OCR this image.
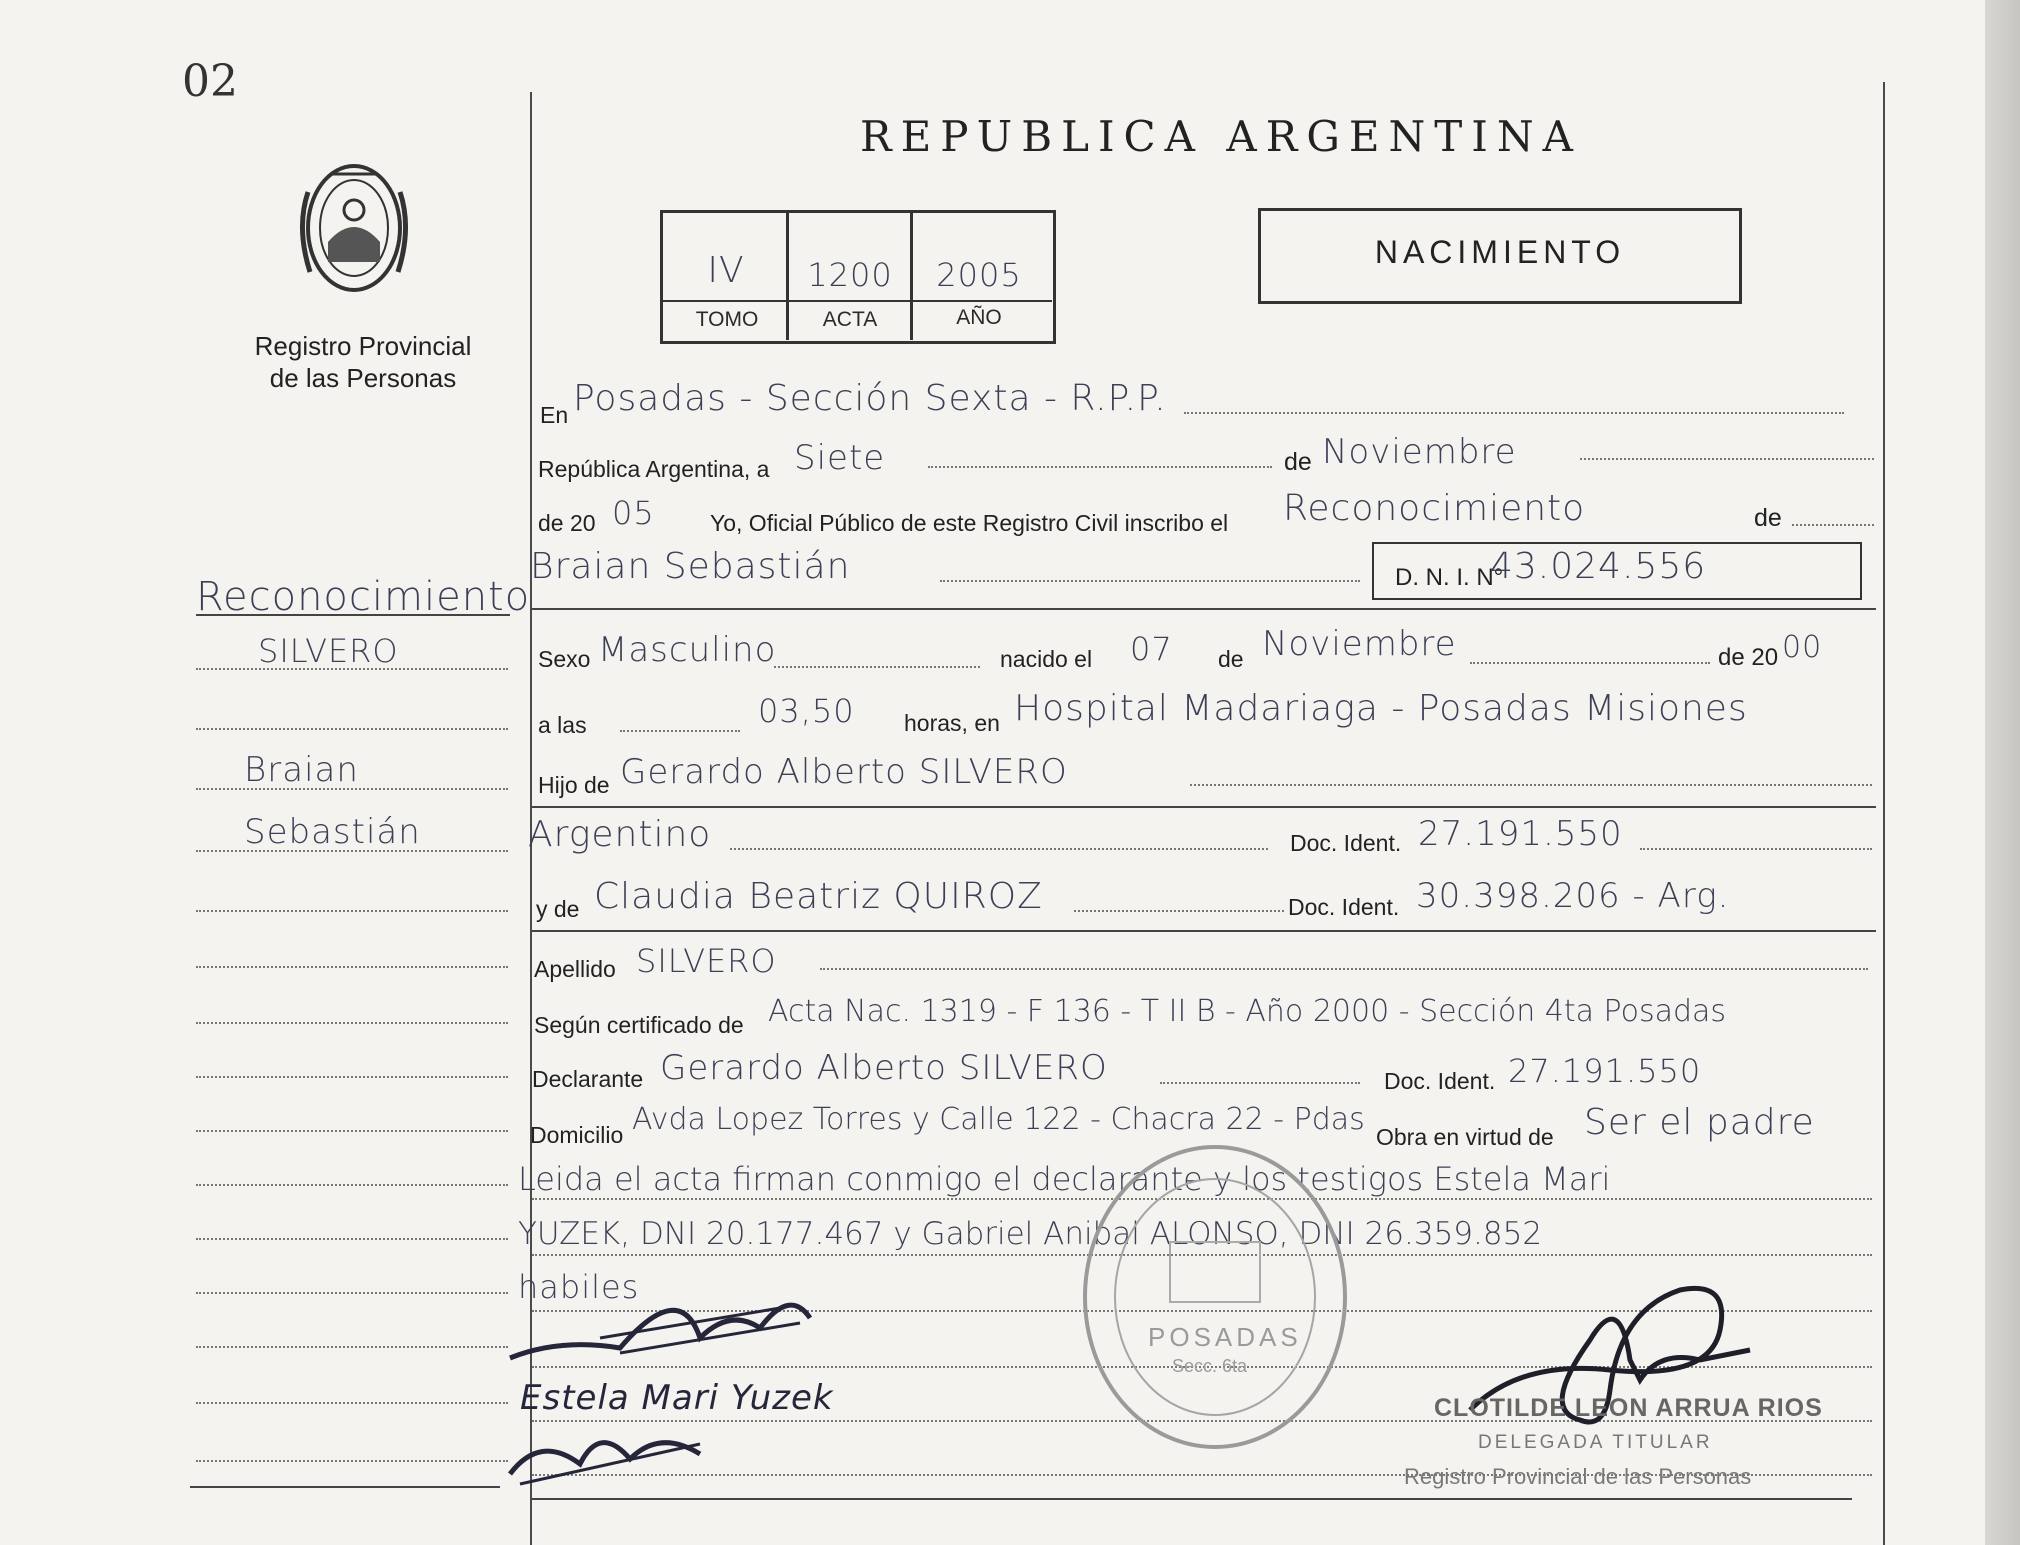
02
Registro Provincial
de las Personas
REPUBLICA ARGENTINA
IV	1200	2005
TOMO	ACTA	AÑO
NACIMIENTO
Reconocimiento
SILVERO
Braian
Sebastián
En Posadas - Sección Sexta - R.P.P.
República Argentina, a Siete	de Noviembre
de 20 05 Yo, Oficial Público de este Registro Civil inscribo el Reconocimiento	de
Braian Sebastián	D. N. I. N°
43.024.556
Sexo Masculino	nacido el 07 de Noviembre	de 20 00
a las	03,50 horas, en Hospital Madariaga - Posadas Misiones
Hijo de Gerardo Alberto SILVERO
Argentino	Doc. Ident. 27.191.550
y de Claudia Beatriz QUIROZ	Doc. Ident. 30.398.206 - Arg.
Apellido SILVERO
Según certificado de Acta Nac. 1319 - F 136 - T II B - Año 2000 - Sección 4ta Posadas
Declarante Gerardo Alberto SILVERO	Doc. Ident. 27.191.550
Domicilio Avda Lopez Torres y Calle 122 - Chacra 22 - Pdas Obra en virtud de Ser el padre
Leida el acta firman conmigo el declarante y los testigos Estela Mari
YUZEK, DNI 20.177.467 y Gabriel Anibal ALONSO, DNI 26.359.852
habiles
POSADAS
Secc. 6ta
CLOTILDE LEON ARRUA RIOS
DELEGADA TITULAR
Registro Provincial de las Personas
Estela Mari Yuzek
